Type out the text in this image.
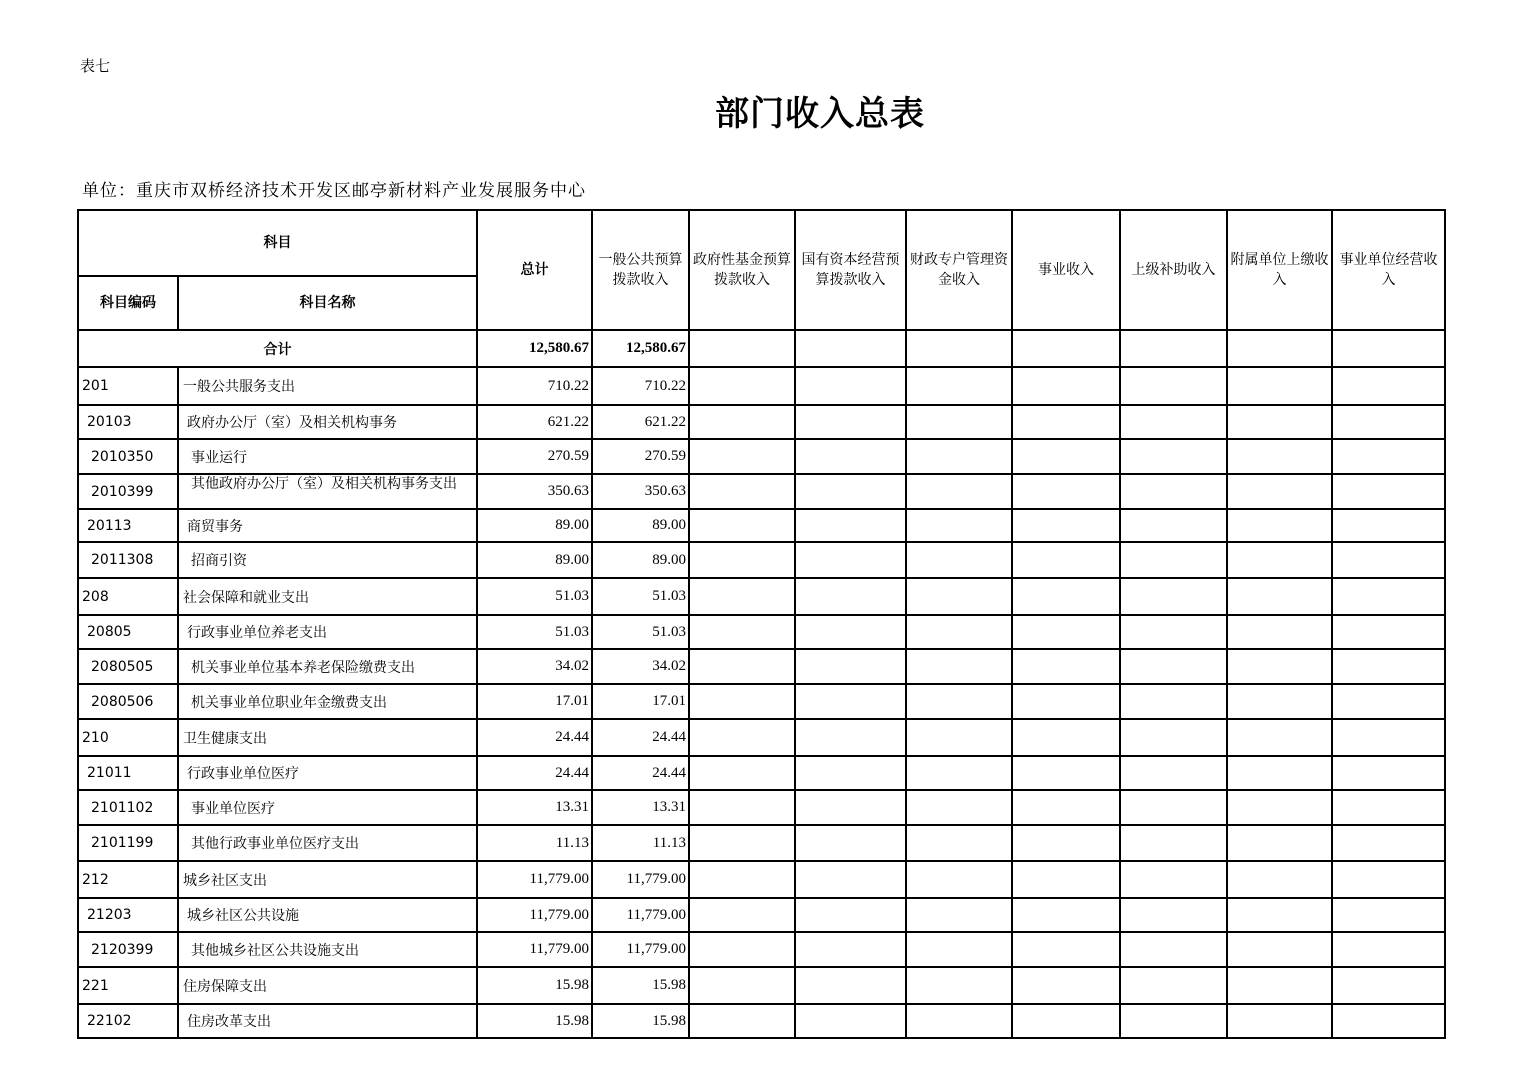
表七
部门收入总表
单位：重庆市双桥经济技术开发区邮亭新材料产业发展服务中心
科目		总计	一般公共预算拨款收入	政府性基金预算拨款收入	国有资本经营预算拨款收入	财政专户管理资金收入	事业收入	上级补助收入	附属单位上缴收入	事业单位经营收入
科目编码	科目名称									
合计		12,580.67	12,580.67							
201	一般公共服务支出	710.22	710.22							
20103	政府办公厅（室）及相关机构事务	621.22	621.22							
2010350	事业运行	270.59	270.59							
2010399	其他政府办公厅（室）及相关机构事务支出	350.63	350.63							
20113	商贸事务	89.00	89.00							
2011308	招商引资	89.00	89.00							
208	社会保障和就业支出	51.03	51.03							
20805	行政事业单位养老支出	51.03	51.03							
2080505	机关事业单位基本养老保险缴费支出	34.02	34.02							
2080506	机关事业单位职业年金缴费支出	17.01	17.01							
210	卫生健康支出	24.44	24.44							
21011	行政事业单位医疗	24.44	24.44							
2101102	事业单位医疗	13.31	13.31							
2101199	其他行政事业单位医疗支出	11.13	11.13							
212	城乡社区支出	11,779.00	11,779.00							
21203	城乡社区公共设施	11,779.00	11,779.00							
2120399	其他城乡社区公共设施支出	11,779.00	11,779.00							
221	住房保障支出	15.98	15.98							
22102	住房改革支出	15.98	15.98							
